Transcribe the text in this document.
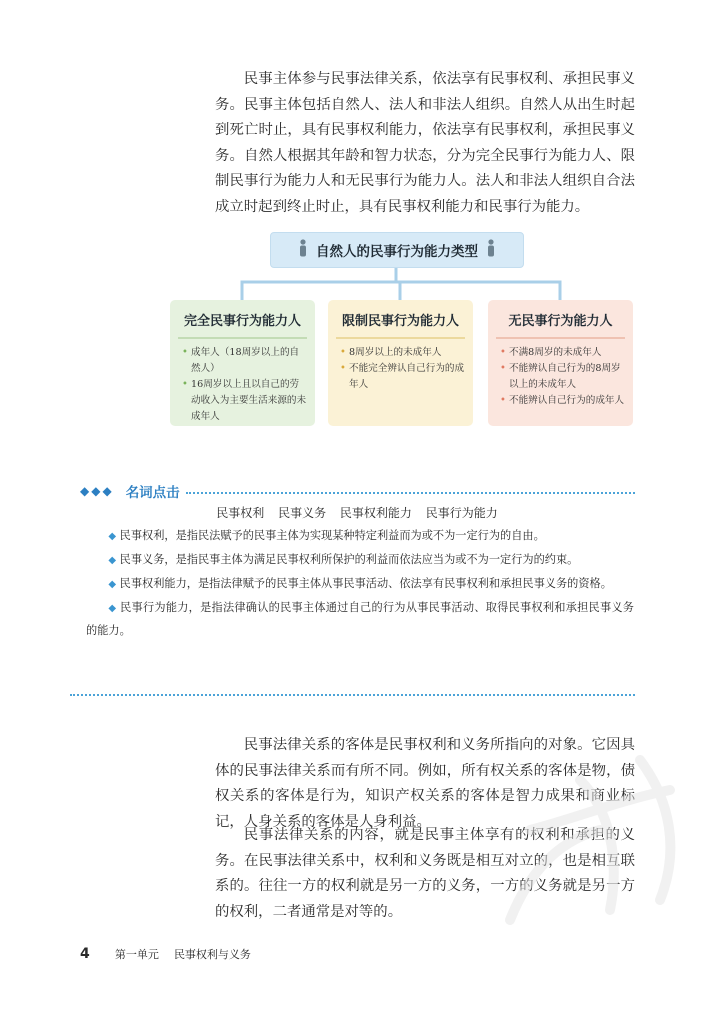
民事主体参与民事法律关系，依法享有民事权利、承担民事义务。民事主体包括自然人、法人和非法人组织。自然人从出生时起到死亡时止，具有民事权利能力，依法享有民事权利，承担民事义务。自然人根据其年龄和智力状态，分为完全民事行为能力人、限制民事行为能力人和无民事行为能力人。法人和非法人组织自合法成立时起到终止时止，具有民事权利能力和民事行为能力。

自然人的民事行为能力类型
完全民事行为能力人
• 成年人（18周岁以上的自然人）
• 16周岁以上且以自己的劳动收入为主要生活来源的未成年人
限制民事行为能力人
• 8周岁以上的未成年人
• 不能完全辨认自己行为的成年人
无民事行为能力人
• 不满8周岁的未成年人
• 不能辨认自己行为的8周岁以上的未成年人
• 不能辨认自己行为的成年人
◆◆◆ 名词点击
民事权利 民事义务 民事权利能力 民事行为能力

◆ 民事权利，是指民法赋予的民事主体为实现某种特定利益而为或不为一定行为的自由。

◆ 民事义务，是指民事主体为满足民事权利所保护的利益而依法应当为或不为一定行为的约束。

◆ 民事权利能力，是指法律赋予的民事主体从事民事活动、依法享有民事权利和承担民事义务的资格。

◆ 民事行为能力，是指法律确认的民事主体通过自己的行为从事民事活动、取得民事权利和承担民事义务的能力。

民事法律关系的客体是民事权利和义务所指向的对象。它因具体的民事法律关系而有所不同。例如，所有权关系的客体是物，债权关系的客体是行为，知识产权关系的客体是智力成果和商业标记，人身关系的客体是人身利益。

民事法律关系的内容，就是民事主体享有的权利和承担的义务。在民事法律关系中，权利和义务既是相互对立的，也是相互联系的。往往一方的权利就是另一方的义务，一方的义务就是另一方的权利，二者通常是对等的。

4 第一单元 民事权利与义务
